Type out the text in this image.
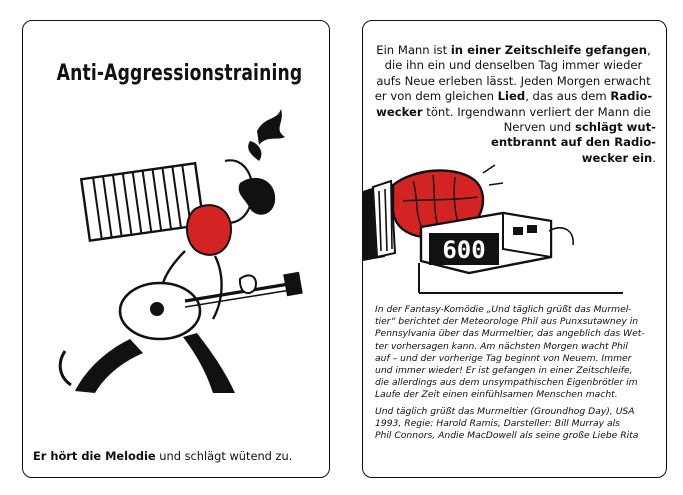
Anti-Aggressionstraining
Er hört die Melodie und schlägt wütend zu.
Ein Mann ist in einer Zeitschleife gefangen,
die ihn ein und denselben Tag immer wieder
aufs Neue erleben lässt. Jeden Morgen erwacht
er von dem gleichen Lied, das aus dem Radio-
wecker tönt. Irgendwann verliert der Mann die
Nerven und schlägt wut-
entbrannt auf den Radio-
wecker ein.
600
In der Fantasy-Komödie „Und täglich grüßt das Murmel-
tier“ berichtet der Meteorologe Phil aus Punxsutawney in
Pennsylvania über das Murmeltier, das angeblich das Wet-
ter vorhersagen kann. Am nächsten Morgen wacht Phil
auf – und der vorherige Tag beginnt von Neuem. Immer
und immer wieder! Er ist gefangen in einer Zeitschleife,
die allerdings aus dem unsympathischen Eigenbrötler im
Laufe der Zeit einen einfühlsamen Menschen macht.
Und täglich grüßt das Murmeltier (Groundhog Day), USA
1993, Regie: Harold Ramis, Darsteller: Bill Murray als
Phil Connors, Andie MacDowell als seine große Liebe Rita
